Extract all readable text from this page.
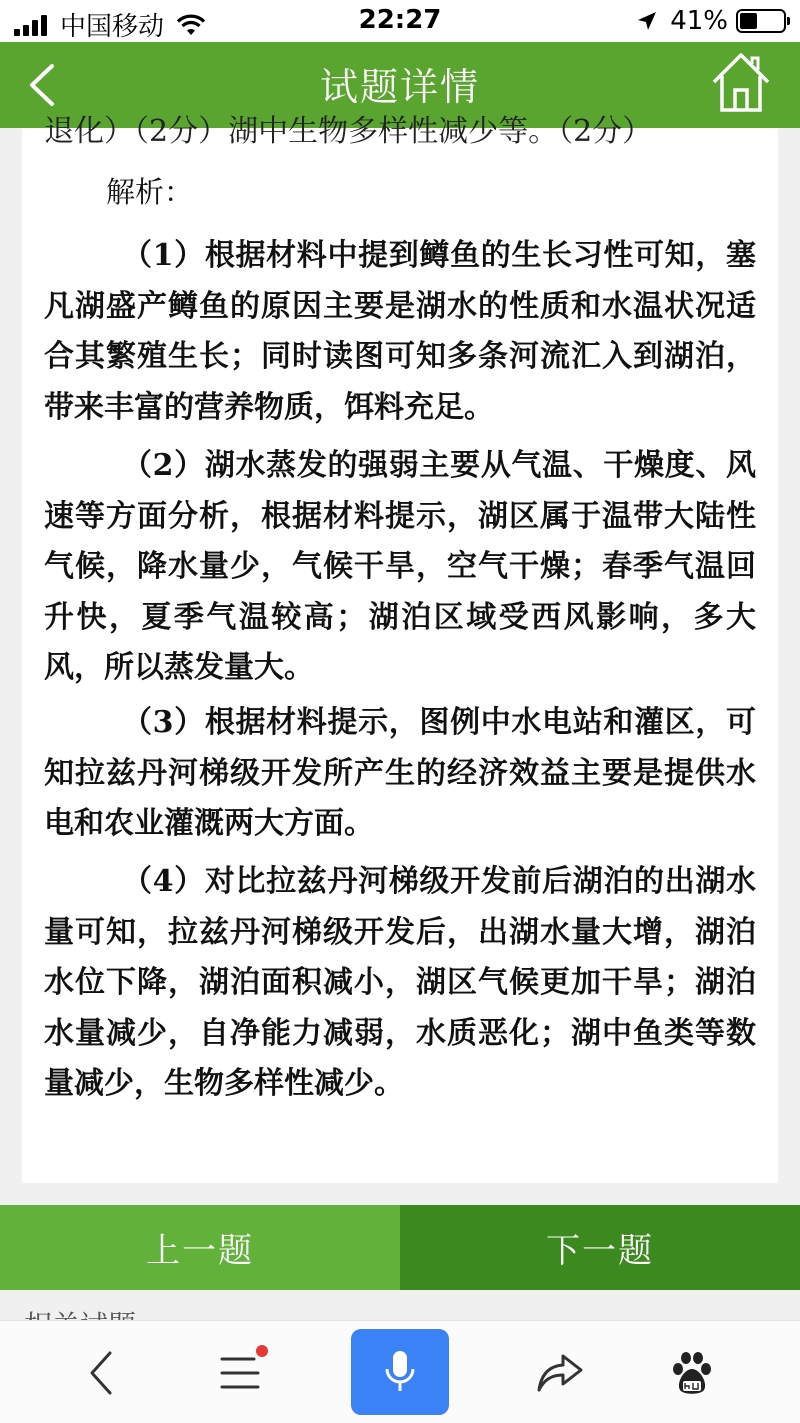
中国移动	22:27	41%
试题详情
退化）（2分）湖中生物多样性减少等。（2分）
解析：

（1）根据材料中提到鳟鱼的生长习性可知，塞凡湖盛产鳟鱼的原因主要是湖水的性质和水温状况适合其繁殖生长；同时读图可知多条河流汇入到湖泊，带来丰富的营养物质，饵料充足。

（2）湖水蒸发的强弱主要从气温、干燥度、风速等方面分析，根据材料提示，湖区属于温带大陆性气候，降水量少，气候干旱，空气干燥；春季气温回升快，夏季气温较高；湖泊区域受西风影响，多大风，所以蒸发量大。

（3）根据材料提示，图例中水电站和灌区，可知拉兹丹河梯级开发所产生的经济效益主要是提供水电和农业灌溉两大方面。

（4）对比拉兹丹河梯级开发前后湖泊的出湖水量可知，拉兹丹河梯级开发后，出湖水量大增，湖泊水位下降，湖泊面积减小，湖区气候更加干旱；湖泊水量减少，自净能力减弱，水质恶化；湖中鱼类等数量减少，生物多样性减少。

上一题	下一题
